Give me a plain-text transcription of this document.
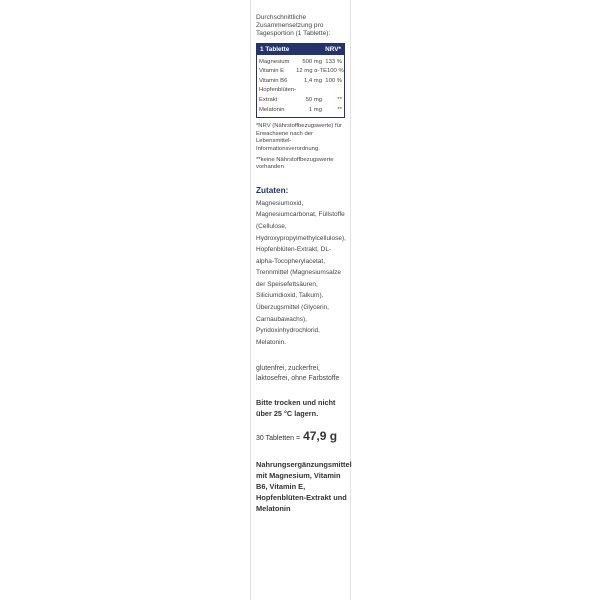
Durchschnittliche Zusammensetzung pro Tagesportion (1 Tablette):
1 Tablette	NRV*
Magnesium	500 mg 133 %
Vitamin E	12 mg α-TE 100 %
Vitamin B6	1,4 mg 100 %
Hopfenblüten-
Extrakt	50 mg	**
Melatonin	1 mg	**
*NRV (Nährstoffbezugswerte) für Erwachsene nach der Lebensmittel-Informationsverordnung.
**keine Nährstoffbezugswerte vorhanden
Zutaten:
Magnesiumoxid, Magnesiumcarbonat, Füllstoffe (Cellulose, Hydroxypropylmethylcellulose), Hopfenblüten-Extrakt, DL-alpha-Tocopherylacetat, Trennmittel (Magnesiumsalze der Speisefettsäuren, Siliciumdioxid, Talkum), Überzugsmittel (Glycerin, Carnaubawachs), Pyridoxinhydrochlorid, Melatonin.
glutenfrei, zuckerfrei, laktosefrei, ohne Farbstoffe
Bitte trocken und nicht über 25 °C lagern.
30 Tabletten = 47,9 g
Nahrungsergänzungsmittel mit Magnesium, Vitamin B6, Vitamin E, Hopfenblüten-Extrakt und Melatonin
